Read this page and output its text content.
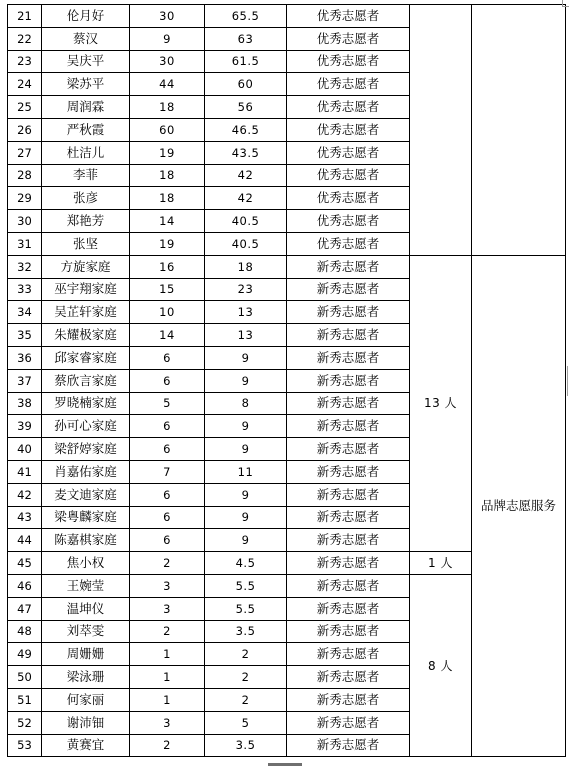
21	伦月好	30	65.5	优秀志愿者		
22	蔡汉	9	63	优秀志愿者		
23	吴庆平	30	61.5	优秀志愿者		
24	梁苏平	44	60	优秀志愿者		
25	周润霖	18	56	优秀志愿者		
26	严秋霞	60	46.5	优秀志愿者		
27	杜洁儿	19	43.5	优秀志愿者		
28	李菲	18	42	优秀志愿者		
29	张彦	18	42	优秀志愿者		
30	郑艳芳	14	40.5	优秀志愿者		
31	张坚	19	40.5	优秀志愿者		
32	方旋家庭	16	18	新秀志愿者	13 人	品牌志愿服务
33	巫宇翔家庭	15	23	新秀志愿者		
34	吴芷轩家庭	10	13	新秀志愿者		
35	朱耀极家庭	14	13	新秀志愿者		
36	邱家睿家庭	6	9	新秀志愿者		
37	蔡欣言家庭	6	9	新秀志愿者		
38	罗晓楠家庭	5	8	新秀志愿者		
39	孙可心家庭	6	9	新秀志愿者		
40	梁舒婷家庭	6	9	新秀志愿者		
41	肖嘉佑家庭	7	11	新秀志愿者		
42	麦文迪家庭	6	9	新秀志愿者		
43	梁粤麟家庭	6	9	新秀志愿者		
44	陈嘉棋家庭	6	9	新秀志愿者		
45	焦小权	2	4.5	新秀志愿者	1 人	
46	王婉莹	3	5.5	新秀志愿者	8 人	
47	温坤仪	3	5.5	新秀志愿者		
48	刘萃雯	2	3.5	新秀志愿者		
49	周姗姗	1	2	新秀志愿者		
50	梁泳珊	1	2	新秀志愿者		
51	何家丽	1	2	新秀志愿者		
52	谢沛钿	3	5	新秀志愿者		
53	黄赛宜	2	3.5	新秀志愿者		
